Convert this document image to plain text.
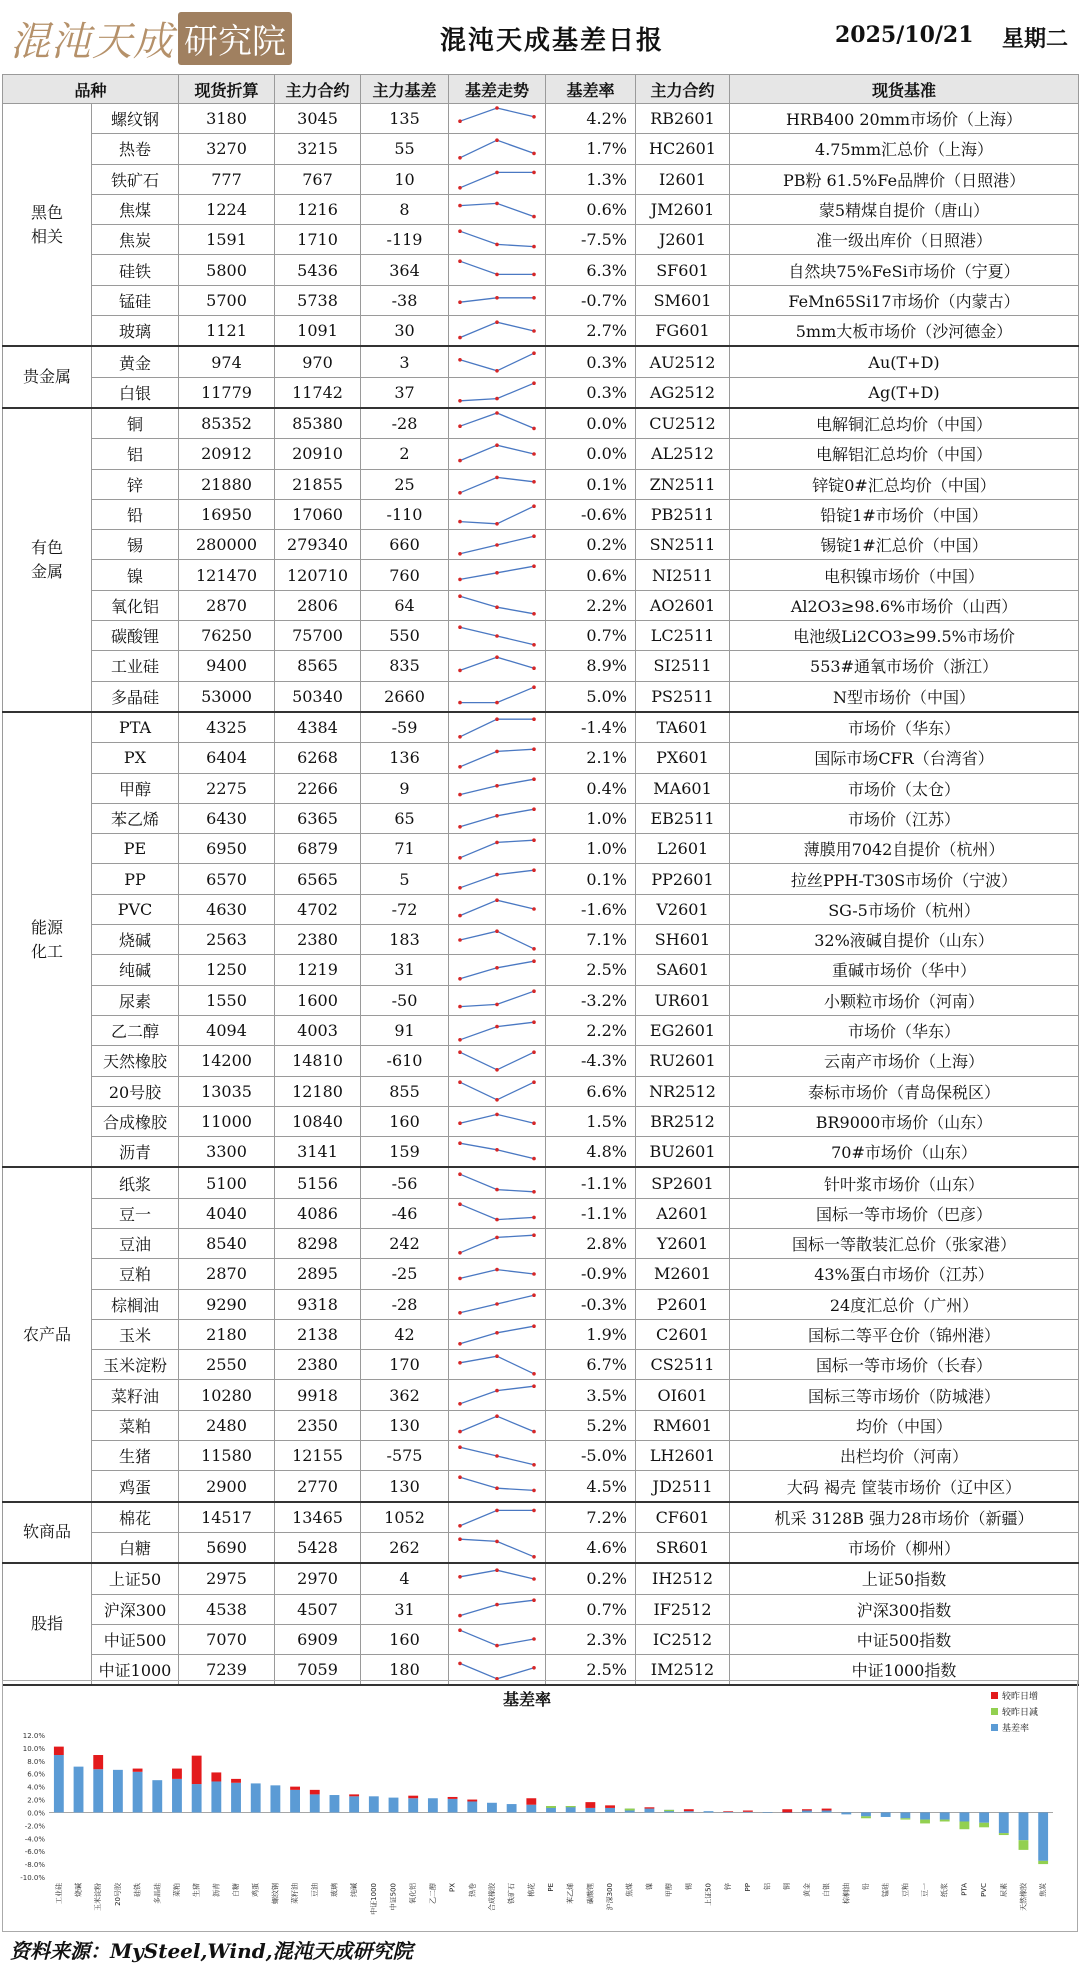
混沌天成 研究院	混沌天成基差日报	2025/10/21 星期二
品种		现货折算	主力合约	主力基差	基差走势	基差率	主力合约	现货基准
黑色
相关	螺纹钢	3180	3045	135		4.2%	RB2601	HRB400 20mm市场价（上海）
	热卷	3270	3215	55		1.7%	HC2601	4.75mm汇总价（上海）
	铁矿石	777	767	10		1.3%	I2601	PB粉 61.5%Fe品牌价（日照港）
	焦煤	1224	1216	8		0.6%	JM2601	蒙5精煤自提价（唐山）
	焦炭	1591	1710	-119		-7.5%	J2601	准一级出库价（日照港）
	硅铁	5800	5436	364		6.3%	SF601	自然块75%FeSi市场价（宁夏）
	锰硅	5700	5738	-38		-0.7%	SM601	FeMn65Si17市场价（内蒙古）
	玻璃	1121	1091	30		2.7%	FG601	5mm大板市场价（沙河德金）
贵金属	黄金	974	970	3		0.3%	AU2512	Au(T+D)
	白银	11779	11742	37		0.3%	AG2512	Ag(T+D)
有色
金属	铜	85352	85380	-28		0.0%	CU2512	电解铜汇总均价（中国）
	铝	20912	20910	2		0.0%	AL2512	电解铝汇总均价（中国）
	锌	21880	21855	25		0.1%	ZN2511	锌锭0#汇总均价（中国）
	铅	16950	17060	-110		-0.6%	PB2511	铅锭1#市场价（中国）
	锡	280000	279340	660		0.2%	SN2511	锡锭1#汇总价（中国）
	镍	121470	120710	760		0.6%	NI2511	电积镍市场价（中国）
	氧化铝	2870	2806	64		2.2%	AO2601	Al2O3≥98.6%市场价（山西）
	碳酸锂	76250	75700	550		0.7%	LC2511	电池级Li2CO3≥99.5%市场价
	工业硅	9400	8565	835		8.9%	SI2511	553#通氧市场价（浙江）
	多晶硅	53000	50340	2660		5.0%	PS2511	N型市场价（中国）
能源
化工	PTA	4325	4384	-59		-1.4%	TA601	市场价（华东）
	PX	6404	6268	136		2.1%	PX601	国际市场CFR（台湾省）
	甲醇	2275	2266	9		0.4%	MA601	市场价（太仓）
	苯乙烯	6430	6365	65		1.0%	EB2511	市场价（江苏）
	PE	6950	6879	71		1.0%	L2601	薄膜用7042自提价（杭州）
	PP	6570	6565	5		0.1%	PP2601	拉丝PPH-T30S市场价（宁波）
	PVC	4630	4702	-72		-1.6%	V2601	SG-5市场价（杭州）
	烧碱	2563	2380	183		7.1%	SH601	32%液碱自提价（山东）
	纯碱	1250	1219	31		2.5%	SA601	重碱市场价（华中）
	尿素	1550	1600	-50		-3.2%	UR601	小颗粒市场价（河南）
	乙二醇	4094	4003	91		2.2%	EG2601	市场价（华东）
	天然橡胶	14200	14810	-610		-4.3%	RU2601	云南产市场价（上海）
	20号胶	13035	12180	855		6.6%	NR2512	泰标市场价（青岛保税区）
	合成橡胶	11000	10840	160		1.5%	BR2512	BR9000市场价（山东）
	沥青	3300	3141	159		4.8%	BU2601	70#市场价（山东）
农产品	纸浆	5100	5156	-56		-1.1%	SP2601	针叶浆市场价（山东）
	豆一	4040	4086	-46		-1.1%	A2601	国标一等市场价（巴彦）
	豆油	8540	8298	242		2.8%	Y2601	国标一等散装汇总价（张家港）
	豆粕	2870	2895	-25		-0.9%	M2601	43%蛋白市场价（江苏）
	棕榈油	9290	9318	-28		-0.3%	P2601	24度汇总价（广州）
	玉米	2180	2138	42		1.9%	C2601	国标二等平仓价（锦州港）
	玉米淀粉	2550	2380	170		6.7%	CS2511	国标一等市场价（长春）
	菜籽油	10280	9918	362		3.5%	OI601	国标三等市场价（防城港）
	菜粕	2480	2350	130		5.2%	RM601	均价（中国）
	生猪	11580	12155	-575		-5.0%	LH2601	出栏均价（河南）
	鸡蛋	2900	2770	130		4.5%	JD2511	大码 褐壳 筐装市场价（辽中区）
软商品	棉花	14517	13465	1052		7.2%	CF601	机采 3128B 强力28市场价（新疆）
	白糖	5690	5428	262		4.6%	SR601	市场价（柳州）
股指	上证50	2975	2970	4		0.2%	IH2512	上证50指数
	沪深300	4538	4507	31		0.7%	IF2512	沪深300指数
	中证500	7070	6909	160		2.3%	IC2512	中证500指数
	中证1000	7239	7059	180		2.5%	IM2512	中证1000指数
基差率	较昨日增
较昨日减
基差率
12.0%
10.0%
8.0%
6.0%
4.0%
2.0%
0.0%
-2.0%
-4.0%
-6.0%
-8.0%
-10.0%
工业硅 烧碱 玉米淀粉 20号胶 硅铁 多晶硅 菜粕 生猪 沥青 白糖 鸡蛋 螺纹钢 菜籽油 豆油 玻璃 纯碱 中证1000 中证500 氧化铝 乙二醇 PX 热卷 合成橡胶 铁矿石 棉花 PE 苯乙烯 碳酸锂 沪深300 焦煤 镍 甲醇 锡 上证50 锌 PP 铝 铜 黄金 白银 棕榈油 铅 锰硅 豆粕 豆一 纸浆 PTA PVC 尿素 天然橡胶 焦炭
资料来源：MySteel,Wind,混沌天成研究院
